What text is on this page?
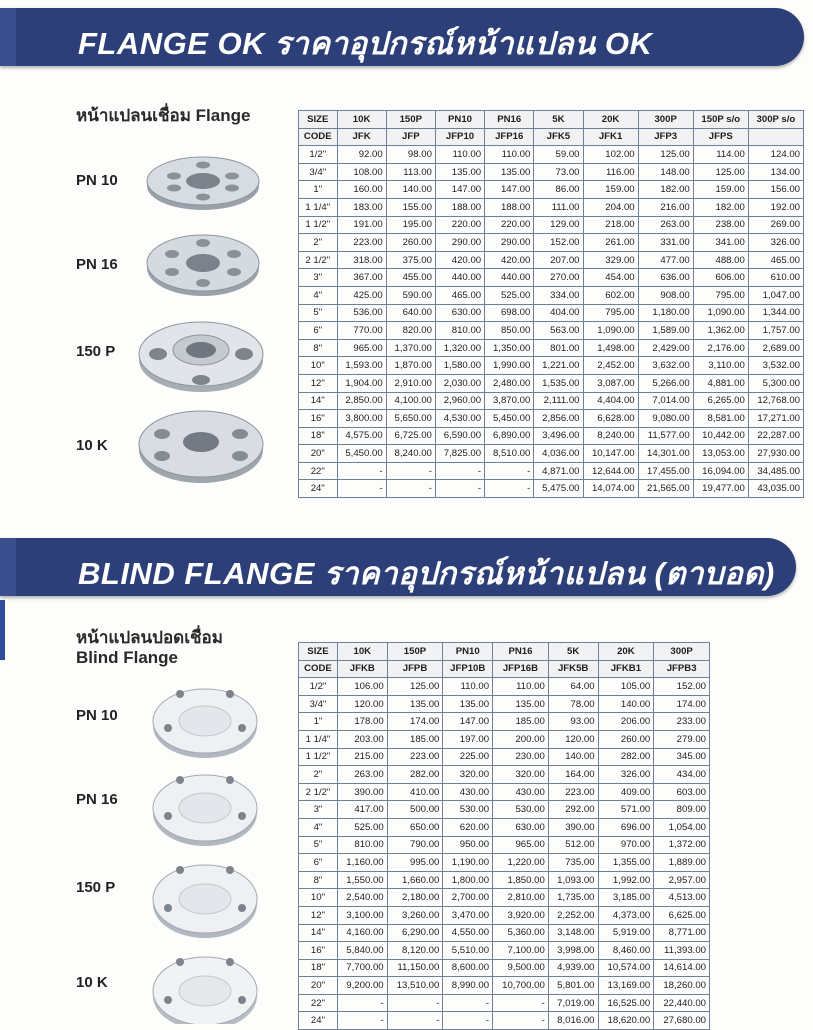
FLANGE OK ราคาอุปกรณ์หน้าแปลน OK
หน้าแปลนเชื่อม Flange
PN 10
PN 16
150 P
10 K
SIZE	10K	150P	PN10	PN16	5K	20K	300P	150P s/o	300P s/o
CODE	JFK	JFP	JFP10	JFP16	JFK5	JFK1	JFP3	JFPS	
1/2"	92.00	98.00	110.00	110.00	59.00	102.00	125.00	114.00	124.00
3/4"	108.00	113.00	135.00	135.00	73.00	116.00	148.00	125.00	134.00
1"	160.00	140.00	147.00	147.00	86.00	159.00	182.00	159.00	156.00
1 1/4"	183.00	155.00	188.00	188.00	111.00	204.00	216.00	182.00	192.00
1 1/2"	191.00	195.00	220.00	220.00	129.00	218.00	263.00	238.00	269.00
2"	223.00	260.00	290.00	290.00	152.00	261.00	331.00	341.00	326.00
2 1/2"	318.00	375.00	420.00	420.00	207.00	329.00	477.00	488.00	465.00
3"	367.00	455.00	440.00	440.00	270.00	454.00	636.00	606.00	610.00
4"	425.00	590.00	465.00	525.00	334.00	602.00	908.00	795.00	1,047.00
5"	536.00	640.00	630.00	698.00	404.00	795.00	1,180.00	1,090.00	1,344.00
6"	770.00	820.00	810.00	850.00	563.00	1,090.00	1,589.00	1,362.00	1,757.00
8"	965.00	1,370.00	1,320.00	1,350.00	801.00	1,498.00	2,429.00	2,176.00	2,689.00
10"	1,593.00	1,870.00	1,580.00	1,990.00	1,221.00	2,452.00	3,632.00	3,110.00	3,532.00
12"	1,904.00	2,910.00	2,030.00	2,480.00	1,535.00	3,087.00	5,266.00	4,881.00	5,300.00
14"	2,850.00	4,100.00	2,960.00	3,870.00	2,111.00	4,404.00	7,014.00	6,265.00	12,768.00
16"	3,800.00	5,650.00	4,530.00	5,450.00	2,856.00	6,628.00	9,080.00	8,581.00	17,271.00
18"	4,575.00	6,725.00	6,590.00	6,890.00	3,496.00	8,240.00	11,577.00	10,442.00	22,287.00
20"	5,450.00	8,240.00	7,825.00	8,510.00	4,036.00	10,147.00	14,301.00	13,053.00	27,930.00
22"	-	-	-	-	4,871.00	12,644.00	17,455.00	16,094.00	34,485.00
24"	-	-	-	-	5,475.00	14,074.00	21,565.00	19,477.00	43,035.00
BLIND FLANGE ราคาอุปกรณ์หน้าแปลน (ตาบอด)
หน้าแปลนปอดเชื่อม
Blind Flange
PN 10
PN 16
150 P
10 K
SIZE	10K	150P	PN10	PN16	5K	20K	300P
CODE	JFKB	JFPB	JFP10B	JFP16B	JFK5B	JFKB1	JFPB3
1/2"	106.00	125.00	110.00	110.00	64.00	105.00	152.00
3/4"	120.00	135.00	135.00	135.00	78.00	140.00	174.00
1"	178.00	174.00	147.00	185.00	93.00	206.00	233.00
1 1/4"	203.00	185.00	197.00	200.00	120.00	260.00	279.00
1 1/2"	215.00	223.00	225.00	230.00	140.00	282.00	345.00
2"	263.00	282.00	320.00	320.00	164.00	326.00	434.00
2 1/2"	390.00	410.00	430.00	430.00	223.00	409.00	603.00
3"	417.00	500.00	530.00	530.00	292.00	571.00	809.00
4"	525.00	650.00	620.00	630.00	390.00	696.00	1,054.00
5"	810.00	790.00	950.00	965.00	512.00	970.00	1,372.00
6"	1,160.00	995.00	1,190.00	1,220.00	735.00	1,355.00	1,889.00
8"	1,550.00	1,660.00	1,800.00	1,850.00	1,093.00	1,992.00	2,957.00
10"	2,540.00	2,180.00	2,700.00	2,810.00	1,735.00	3,185.00	4,513.00
12"	3,100.00	3,260.00	3,470.00	3,920.00	2,252.00	4,373.00	6,625.00
14"	4,160.00	6,290.00	4,550.00	5,360.00	3,148.00	5,919.00	8,771.00
16"	5,840.00	8,120.00	5,510.00	7,100.00	3,998.00	8,460.00	11,393.00
18"	7,700.00	11,150.00	8,600.00	9,500.00	4,939.00	10,574.00	14,614.00
20"	9,200.00	13,510.00	8,990.00	10,700.00	5,801.00	13,169.00	18,260.00
22"	-	-	-	-	7,019.00	16,525.00	22,440.00
24"	-	-	-	-	8,016.00	18,620.00	27,680.00
